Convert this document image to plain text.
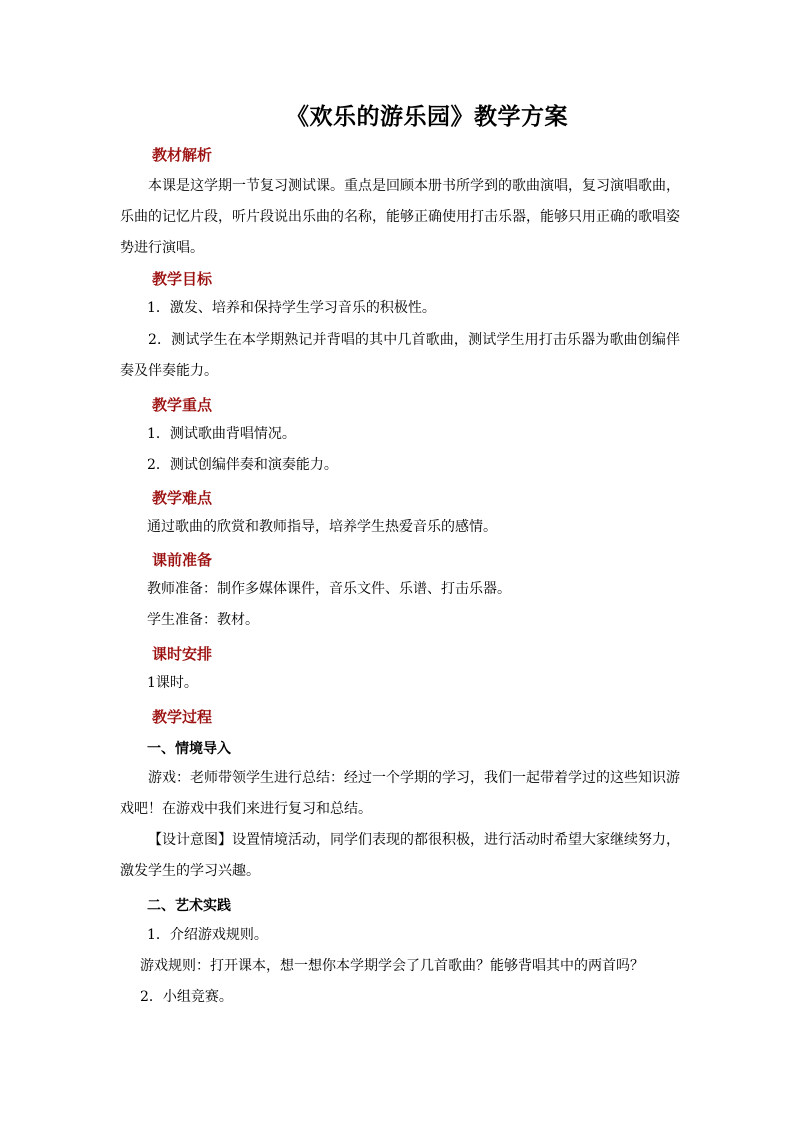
《欢乐的游乐园》教学方案
教材解析
本课是这学期一节复习测试课。重点是回顾本册书所学到的歌曲演唱，复习演唱歌曲，乐曲的记忆片段，听片段说出乐曲的名称，能够正确使用打击乐器，能够只用正确的歌唱姿势进行演唱。
教学目标
1．激发、培养和保持学生学习音乐的积极性。
2．测试学生在本学期熟记并背唱的其中几首歌曲，测试学生用打击乐器为歌曲创编伴奏及伴奏能力。
教学重点
1．测试歌曲背唱情况。
2．测试创编伴奏和演奏能力。
教学难点
通过歌曲的欣赏和教师指导，培养学生热爱音乐的感情。
课前准备
教师准备：制作多媒体课件，音乐文件、乐谱、打击乐器。
学生准备：教材。
课时安排
1课时。
教学过程
一、情境导入
游戏：老师带领学生进行总结：经过一个学期的学习，我们一起带着学过的这些知识游戏吧！在游戏中我们来进行复习和总结。
【设计意图】设置情境活动，同学们表现的都很积极，进行活动时希望大家继续努力，激发学生的学习兴趣。
二、艺术实践
1．介绍游戏规则。
游戏规则：打开课本，想一想你本学期学会了几首歌曲？能够背唱其中的两首吗？
2．小组竞赛。
